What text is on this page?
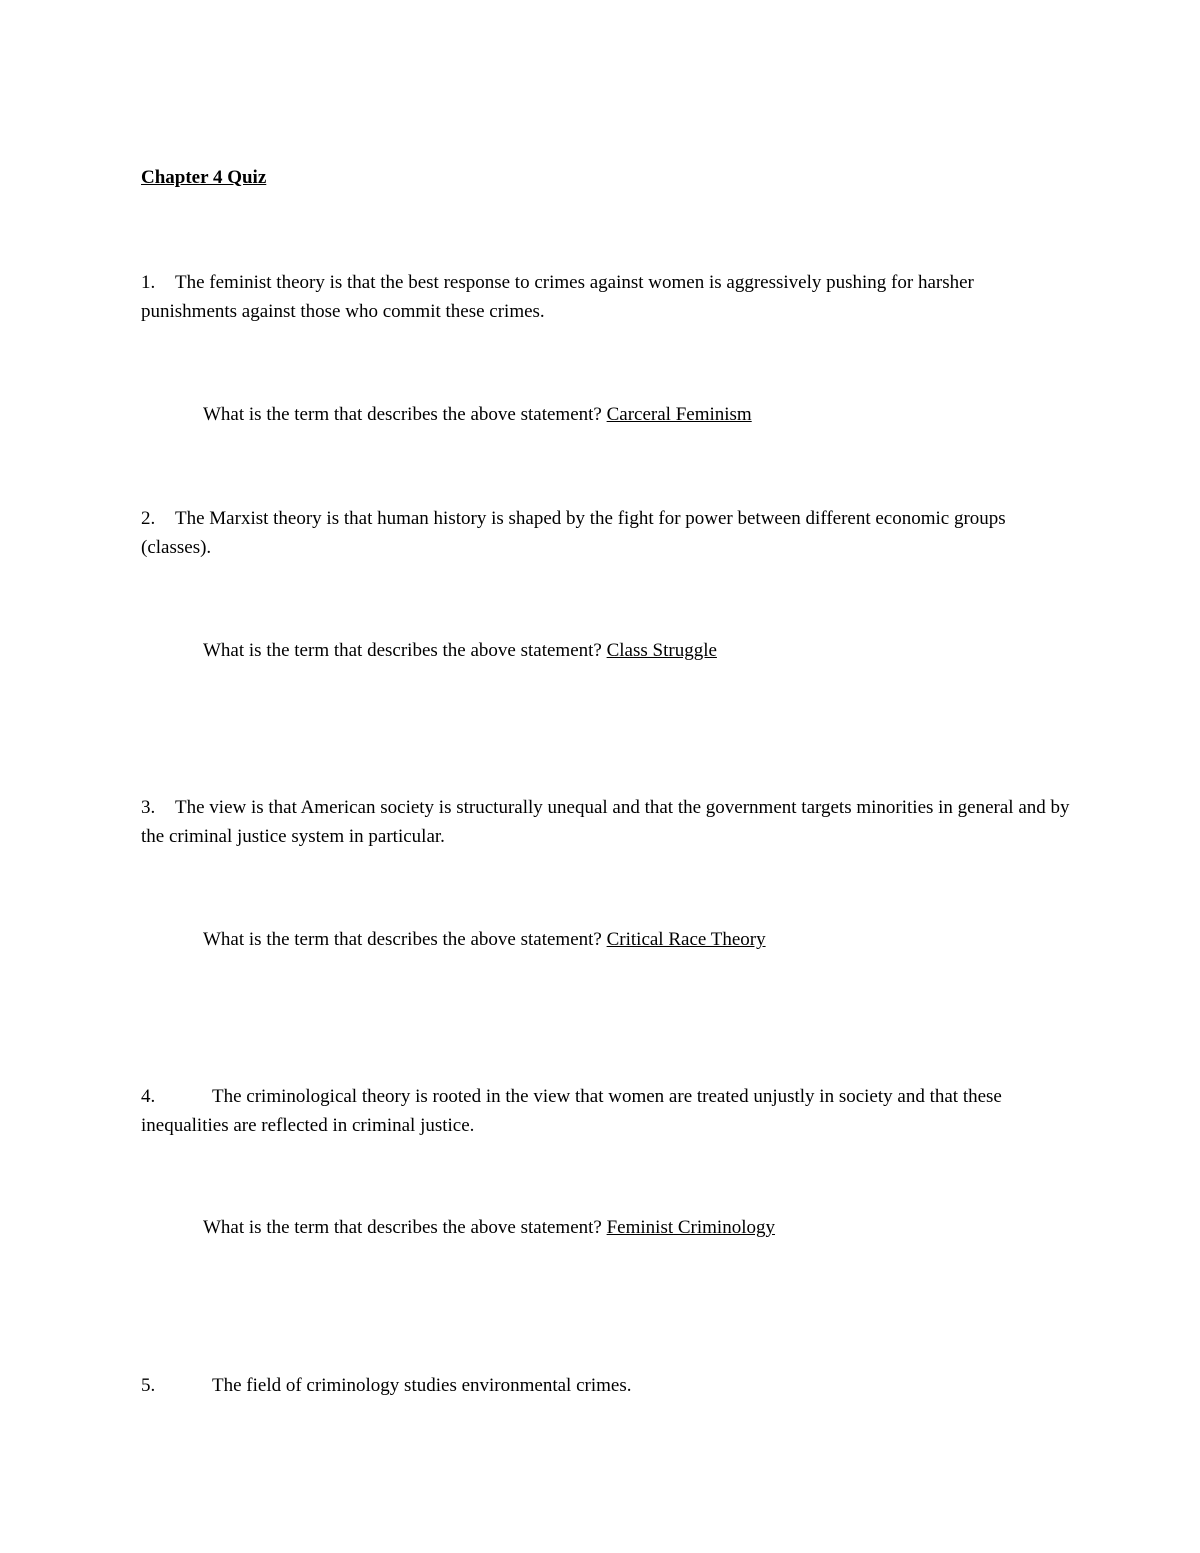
Chapter 4 Quiz
1. The feminist theory is that the best response to crimes against women is aggressively pushing for harsher punishments against those who commit these crimes.
What is the term that describes the above statement? Carceral Feminism
2. The Marxist theory is that human history is shaped by the fight for power between different economic groups (classes).
What is the term that describes the above statement? Class Struggle
3. The view is that American society is structurally unequal and that the government targets minorities in general and by the criminal justice system in particular.
What is the term that describes the above statement? Critical Race Theory
4.	The criminological theory is rooted in the view that women are treated unjustly in society and that these inequalities are reflected in criminal justice.
What is the term that describes the above statement? Feminist Criminology
5.	The field of criminology studies environmental crimes.
